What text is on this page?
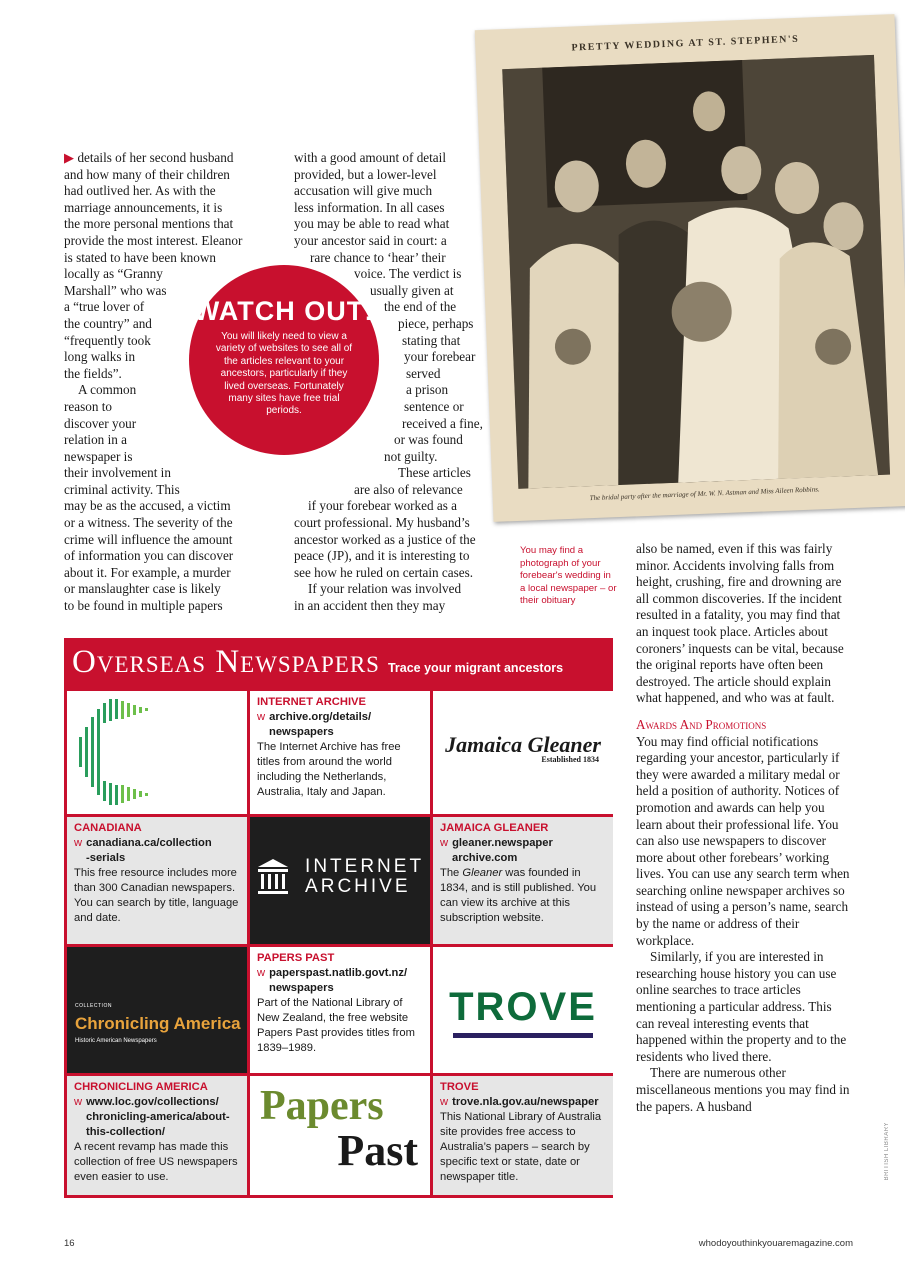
PRETTY WEDDING AT ST. STEPHEN'S
The bridal party after the marriage of Mr. W. N. Astman and Miss Aileen Robbins.
BRITISH LIBRARY
▶ details of her second husband
and how many of their children
had outlived her. As with the
marriage announcements, it is
the more personal mentions that
provide the most interest. Eleanor
is stated to have been known
locally as “Granny
Marshall” who was
a “true lover of
the country” and
“frequently took
long walks in
the fields”.
A common
reason to
discover your
relation in a
newspaper is
their involvement in
criminal activity. This
may be as the accused, a victim
or a witness. The severity of the
crime will influence the amount
of information you can discover
about it. For example, a murder
or manslaughter case is likely
to be found in multiple papers
with a good amount of detail
provided, but a lower-level
accusation will give much
less information. In all cases
you may be able to read what
your ancestor said in court: a
rare chance to ‘hear’ their
voice. The verdict is
usually given at
the end of the
piece, perhaps
stating that
your forebear
served
a prison
sentence or
received a fine,
or was found
not guilty.
These articles
are also of relevance
if your forebear worked as a
court professional. My husband’s
ancestor worked as a justice of the
peace (JP), and it is interesting to
see how he ruled on certain cases.
If your relation was involved
in an accident then they may
WATCH OUT!
You will likely need to view a variety of websites to see all of the articles relevant to your ancestors, particularly if they lived overseas. Fortunately many sites have free trial periods.
You may find a photograph of your forebear's wedding in a local newspaper – or their obituary

also be named, even if this was fairly minor. Accidents involving falls from height, crushing, fire and drowning are all common discoveries. If the incident resulted in a fatality, you may find that an inquest took place. Articles about coroners’ inquests can be vital, because the original reports have often been destroyed. The article should explain what happened, and who was at fault.

Awards And Promotions

You may find official notifications regarding your ancestor, particularly if they were awarded a military medal or held a position of authority. Notices of promotion and awards can help you learn about their professional life. You can also use newspapers to discover more about other forebears’ working lives. You can use any search term when searching online newspaper archives so instead of using a person’s name, search by the name or address of their workplace.

Similarly, if you are interested in researching house history you can use online searches to trace articles mentioning a particular address. This can reveal interesting events that happened within the property and to the residents who lived there.

There are numerous other miscellaneous mentions you may find in the papers. A husband

Overseas Newspapers Trace your migrant ancestors
INTERNET ARCHIVE

w archive.org/details/
newspapers

The Internet Archive has free titles from around the world including the Netherlands, Australia, Italy and Japan.

Jamaica Gleaner
Established 1834
CANADIANA

w canadiana.ca/collection
-serials

This free resource includes more than 300 Canadian newspapers. You can search by title, language and date.

INTERNET
ARCHIVE
JAMAICA GLEANER

w gleaner.newspaper
archive.com

The Gleaner was founded in 1834, and is still published. You can view its archive at this subscription website.

COLLECTION
Chronicling America
Historic American Newspapers
PAPERS PAST

w paperspast.natlib.govt.nz/
newspapers

Part of the National Library of New Zealand, the free website Papers Past provides titles from 1839–1989.

TROVE
CHRONICLING AMERICA

w www.loc.gov/collections/
chronicling-america/about-this-collection/

A recent revamp has made this collection of free US newspapers even easier to use.

Papers
Past
TROVE

w trove.nla.gov.au/newspaper

This National Library of Australia site provides free access to Australia’s papers – search by specific text or state, date or newspaper title.

16	whodoyouthinkyouaremagazine.com
